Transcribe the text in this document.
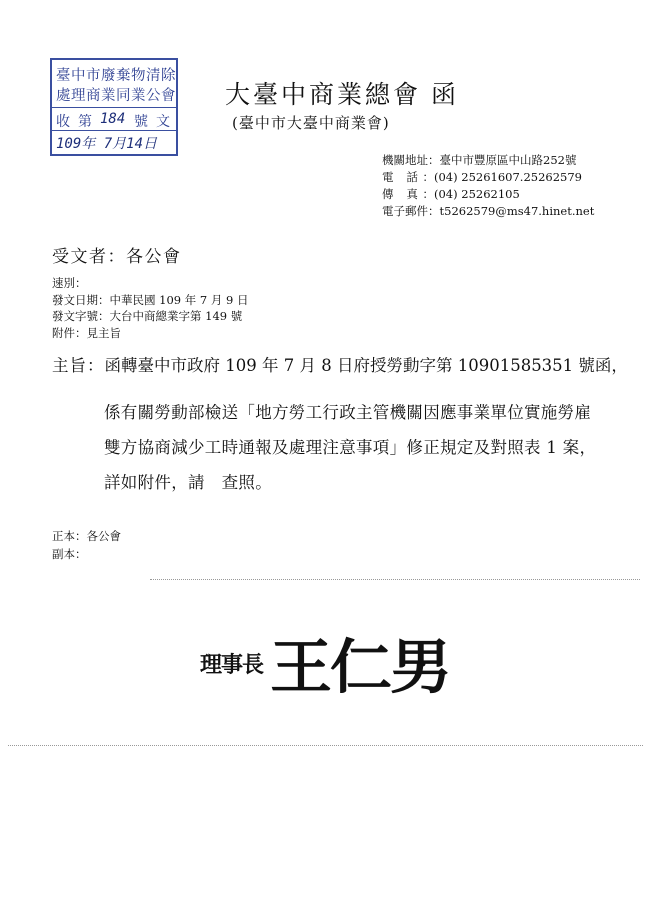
臺中市廢棄物清除
處理商業同業公會
收 第 184 號 文
109年 7月14日
大臺中商業總會 函
(臺中市大臺中商業會)
機關地址：臺中市豐原區中山路252號
電 話：(04) 25261607.25262579
傳 真：(04) 25262105
電子郵件：t5262579@ms47.hinet.net
受文者：各公會
速別：
發文日期：中華民國 109 年 7 月 9 日
發文字號：大台中商總業字第 149 號
附件：見主旨
主旨：函轉臺中市政府 109 年 7 月 8 日府授勞動字第 10901585351 號函，
係有關勞動部檢送「地方勞工行政主管機關因應事業單位實施勞雇
雙方協商減少工時通報及處理注意事項」修正規定及對照表 1 案，
詳如附件，請　查照。
正本：各公會
副本：
理事長 王仁男
